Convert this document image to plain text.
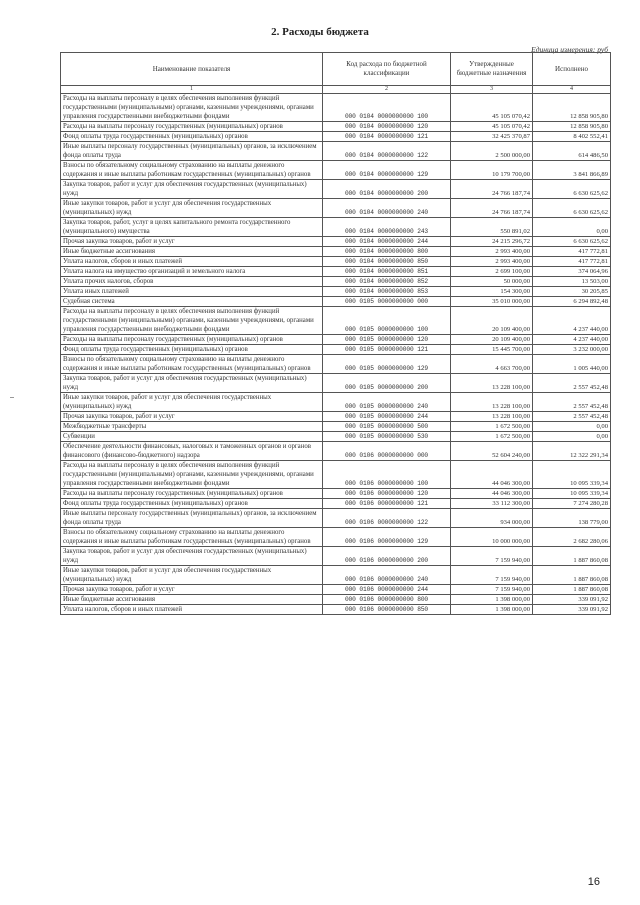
2. Расходы бюджета
Единица измерения: руб
Наименование показателя	Код расхода по бюджетной классификации	Утвержденные бюджетные назначения	Исполнено
1	2	3	4
Расходы на выплаты персоналу в целях обеспечения выполнения функций государственными (муниципальными) органами, казенными учреждениями, органами управления государственными внебюджетными фондами	000 0104 0000000000 100	45 105 070,42	12 858 905,80
Расходы на выплаты персоналу государственных (муниципальных) органов	000 0104 0000000000 120	45 105 070,42	12 858 905,80
Фонд оплаты труда государственных (муниципальных) органов	000 0104 0000000000 121	32 425 370,87	8 402 552,41
Иные выплаты персоналу государственных (муниципальных) органов, за исключением фонда оплаты труда	000 0104 0000000000 122	2 500 000,00	614 486,50
Взносы по обязательному социальному страхованию на выплаты денежного содержания и иные выплаты работникам государственных (муниципальных) органов	000 0104 0000000000 129	10 179 700,00	3 841 866,89
Закупка товаров, работ и услуг для обеспечения государственных (муниципальных) нужд	000 0104 0000000000 200	24 766 187,74	6 630 625,62
Иные закупки товаров, работ и услуг для обеспечения государственных (муниципальных) нужд	000 0104 0000000000 240	24 766 187,74	6 630 625,62
Закупка товаров, работ, услуг в целях капитального ремонта государственного (муниципального) имущества	000 0104 0000000000 243	550 891,02	0,00
Прочая закупка товаров, работ и услуг	000 0104 0000000000 244	24 215 296,72	6 630 625,62
Иные бюджетные ассигнования	000 0104 0000000000 800	2 993 400,00	417 772,81
Уплата налогов, сборов и иных платежей	000 0104 0000000000 850	2 993 400,00	417 772,81
Уплата налога на имущество организаций и земельного налога	000 0104 0000000000 851	2 699 100,00	374 064,96
Уплата прочих налогов, сборов	000 0104 0000000000 852	50 000,00	13 503,00
Уплата иных платежей	000 0104 0000000000 853	154 300,00	30 205,85
Судебная система	000 0105 0000000000 000	35 010 000,00	6 294 892,48
Расходы на выплаты персоналу в целях обеспечения выполнения функций государственными (муниципальными) органами, казенными учреждениями, органами управления государственными внебюджетными фондами	000 0105 0000000000 100	20 109 400,00	4 237 440,00
Расходы на выплаты персоналу государственных (муниципальных) органов	000 0105 0000000000 120	20 109 400,00	4 237 440,00
Фонд оплаты труда государственных (муниципальных) органов	000 0105 0000000000 121	15 445 700,00	3 232 000,00
Взносы по обязательному социальному страхованию на выплаты денежного содержания и иные выплаты работникам государственных (муниципальных) органов	000 0105 0000000000 129	4 663 700,00	1 005 440,00
Закупка товаров, работ и услуг для обеспечения государственных (муниципальных) нужд	000 0105 0000000000 200	13 228 100,00	2 557 452,48
Иные закупки товаров, работ и услуг для обеспечения государственных (муниципальных) нужд	000 0105 0000000000 240	13 228 100,00	2 557 452,48
Прочая закупка товаров, работ и услуг	000 0105 0000000000 244	13 228 100,00	2 557 452,48
Межбюджетные трансферты	000 0105 0000000000 500	1 672 500,00	0,00
Субвенции	000 0105 0000000000 530	1 672 500,00	0,00
Обеспечение деятельности финансовых, налоговых и таможенных органов и органов финансового (финансово-бюджетного) надзора	000 0106 0000000000 000	52 604 240,00	12 322 291,34
Расходы на выплаты персоналу в целях обеспечения выполнения функций государственными (муниципальными) органами, казенными учреждениями, органами управления государственными внебюджетными фондами	000 0106 0000000000 100	44 046 300,00	10 095 339,34
Расходы на выплаты персоналу государственных (муниципальных) органов	000 0106 0000000000 120	44 046 300,00	10 095 339,34
Фонд оплаты труда государственных (муниципальных) органов	000 0106 0000000000 121	33 112 300,00	7 274 280,28
Иные выплаты персоналу государственных (муниципальных) органов, за исключением фонда оплаты труда	000 0106 0000000000 122	934 000,00	138 779,00
Взносы по обязательному социальному страхованию на выплаты денежного содержания и иные выплаты работникам государственных (муниципальных) органов	000 0106 0000000000 129	10 000 000,00	2 682 280,06
Закупка товаров, работ и услуг для обеспечения государственных (муниципальных) нужд	000 0106 0000000000 200	7 159 940,00	1 887 860,08
Иные закупки товаров, работ и услуг для обеспечения государственных (муниципальных) нужд	000 0106 0000000000 240	7 159 940,00	1 887 860,08
Прочая закупка товаров, работ и услуг	000 0106 0000000000 244	7 159 940,00	1 887 860,08
Иные бюджетные ассигнования	000 0106 0000000000 800	1 398 000,00	339 091,92
Уплата налогов, сборов и иных платежей	000 0106 0000000000 850	1 398 000,00	339 091,92
16
